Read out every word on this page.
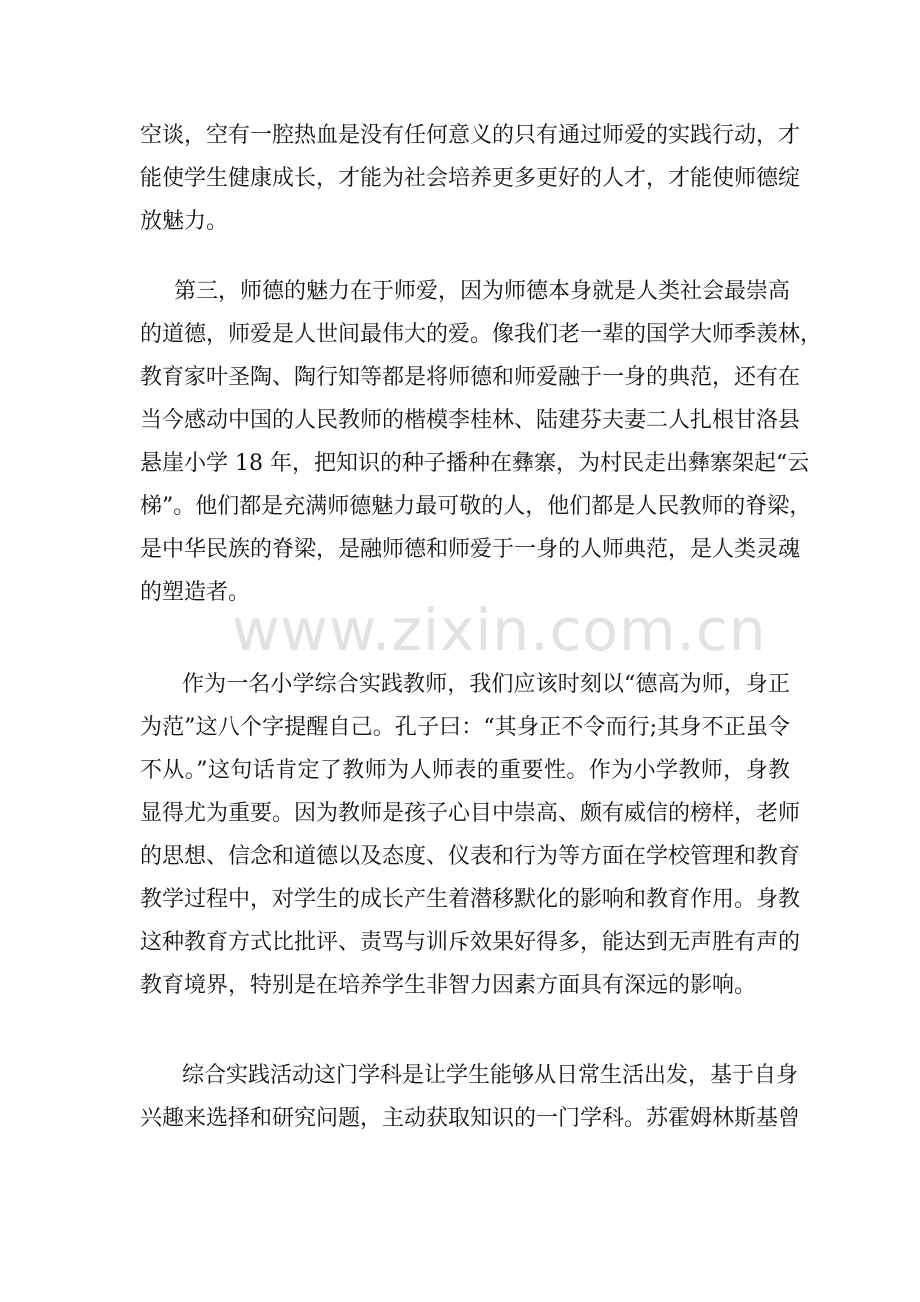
空谈，空有一腔热血是没有任何意义的只有通过师爱的实践行动，才
能使学生健康成长，才能为社会培养更多更好的人才，才能使师德绽
放魅力。
第三，师德的魅力在于师爱，因为师德本身就是人类社会最崇高
的道德，师爱是人世间最伟大的爱。像我们老一辈的国学大师季羡林，
教育家叶圣陶、陶行知等都是将师德和师爱融于一身的典范，还有在
当今感动中国的人民教师的楷模李桂林、陆建芬夫妻二人扎根甘洛县
悬崖小学 18 年，把知识的种子播种在彝寨，为村民走出彝寨架起“云
梯”。他们都是充满师德魅力最可敬的人，他们都是人民教师的脊梁，
是中华民族的脊梁，是融师德和师爱于一身的人师典范，是人类灵魂
的塑造者。
作为一名小学综合实践教师，我们应该时刻以“德高为师，身正
为范”这八个字提醒自己。孔子曰：“其身正不令而行;其身不正虽令
不从。”这句话肯定了教师为人师表的重要性。作为小学教师，身教
显得尤为重要。因为教师是孩子心目中崇高、颇有威信的榜样，老师
的思想、信念和道德以及态度、仪表和行为等方面在学校管理和教育
教学过程中，对学生的成长产生着潜移默化的影响和教育作用。身教
这种教育方式比批评、责骂与训斥效果好得多，能达到无声胜有声的
教育境界，特别是在培养学生非智力因素方面具有深远的影响。
综合实践活动这门学科是让学生能够从日常生活出发，基于自身
兴趣来选择和研究问题，主动获取知识的一门学科。苏霍姆林斯基曾
www.zixin.com.cn
